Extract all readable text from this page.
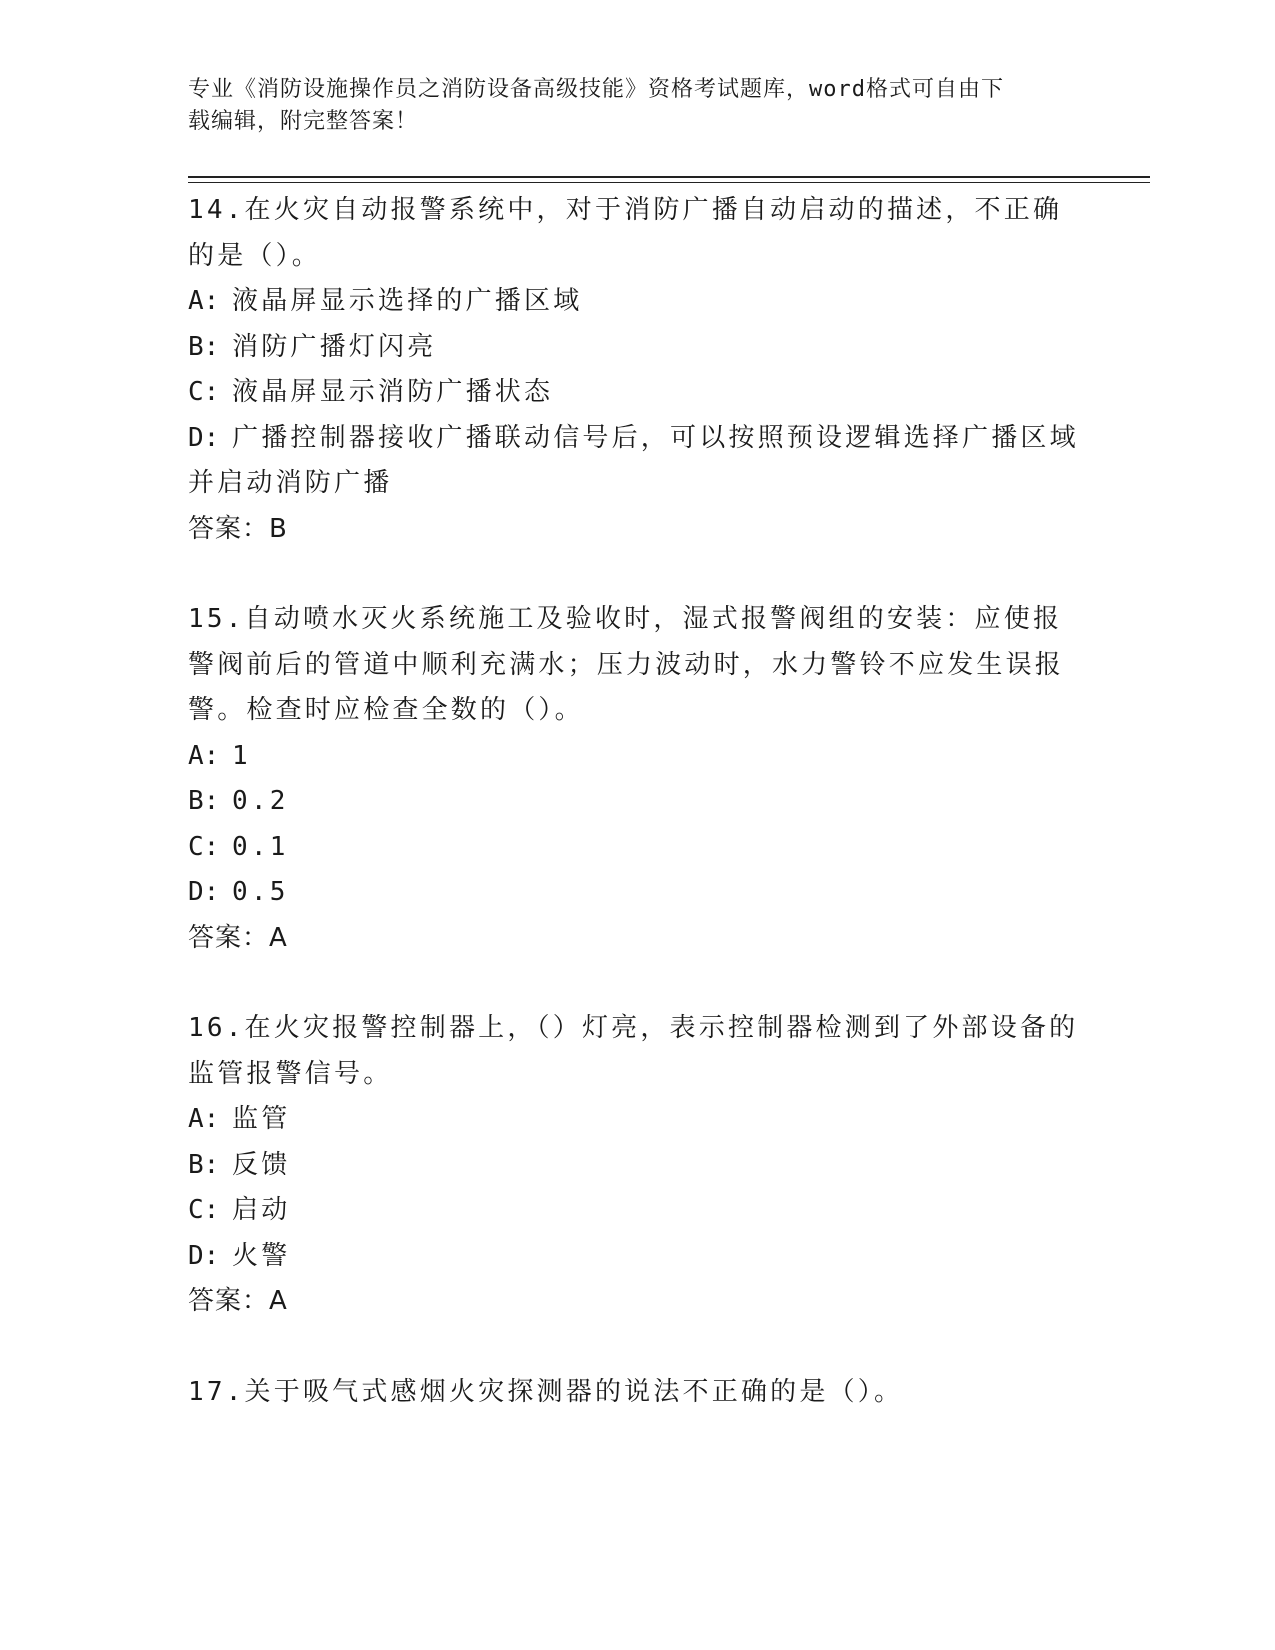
专业《消防设施操作员之消防设备高级技能》资格考试题库，word格式可自由下
载编辑，附完整答案！
14.在火灾自动报警系统中，对于消防广播自动启动的描述，不正确的是（）。
A: 液晶屏显示选择的广播区域
B: 消防广播灯闪亮
C: 液晶屏显示消防广播状态
D: 广播控制器接收广播联动信号后，可以按照预设逻辑选择广播区域并启动消防广播
答案：B
15.自动喷水灭火系统施工及验收时，湿式报警阀组的安装：应使报警阀前后的管道中顺利充满水；压力波动时，水力警铃不应发生误报警。检查时应检查全数的（）。
A: 1
B: 0.2
C: 0.1
D: 0.5
答案：A
16.在火灾报警控制器上，（）灯亮，表示控制器检测到了外部设备的监管报警信号。
A: 监管
B: 反馈
C: 启动
D: 火警
答案：A
17.关于吸气式感烟火灾探测器的说法不正确的是（）。
